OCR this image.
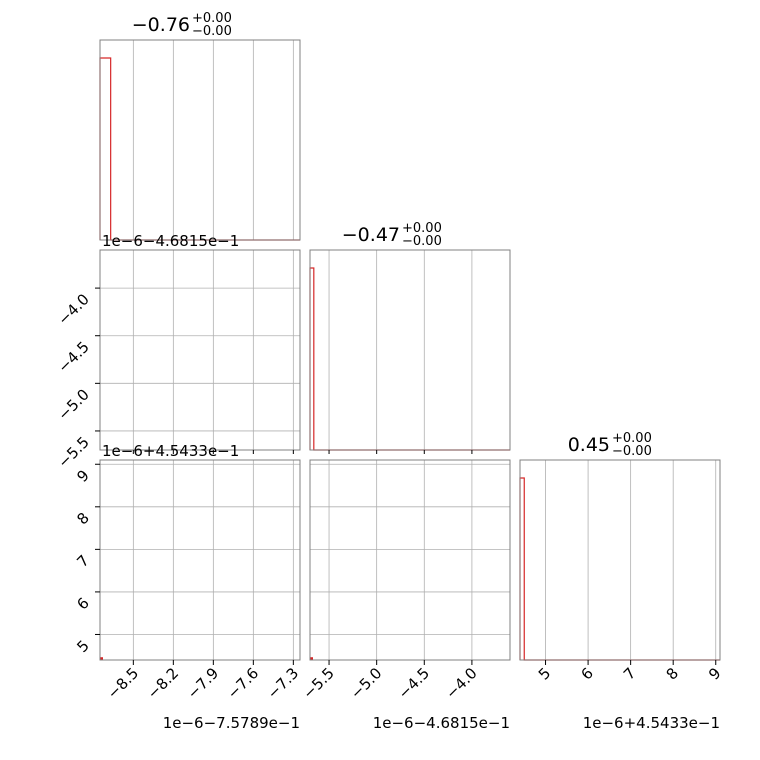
−0.76 +0.00
−0.00
−0.47 +0.00
−0.00
0.45 +0.00
−0.00
−8.5 −8.2 −7.9 −7.6 −7.3
1e−6−7.5789e−1
−5.5 −5.0 −4.5 −4.0
1e−6−4.6815e−1
5 6 7 8 9
1e−6+4.5433e−1
−5.5
−5.0
−4.5
−4.0
1e−6−4.6815e−1
5
6
7
8
9
1e−6+4.5433e−1
